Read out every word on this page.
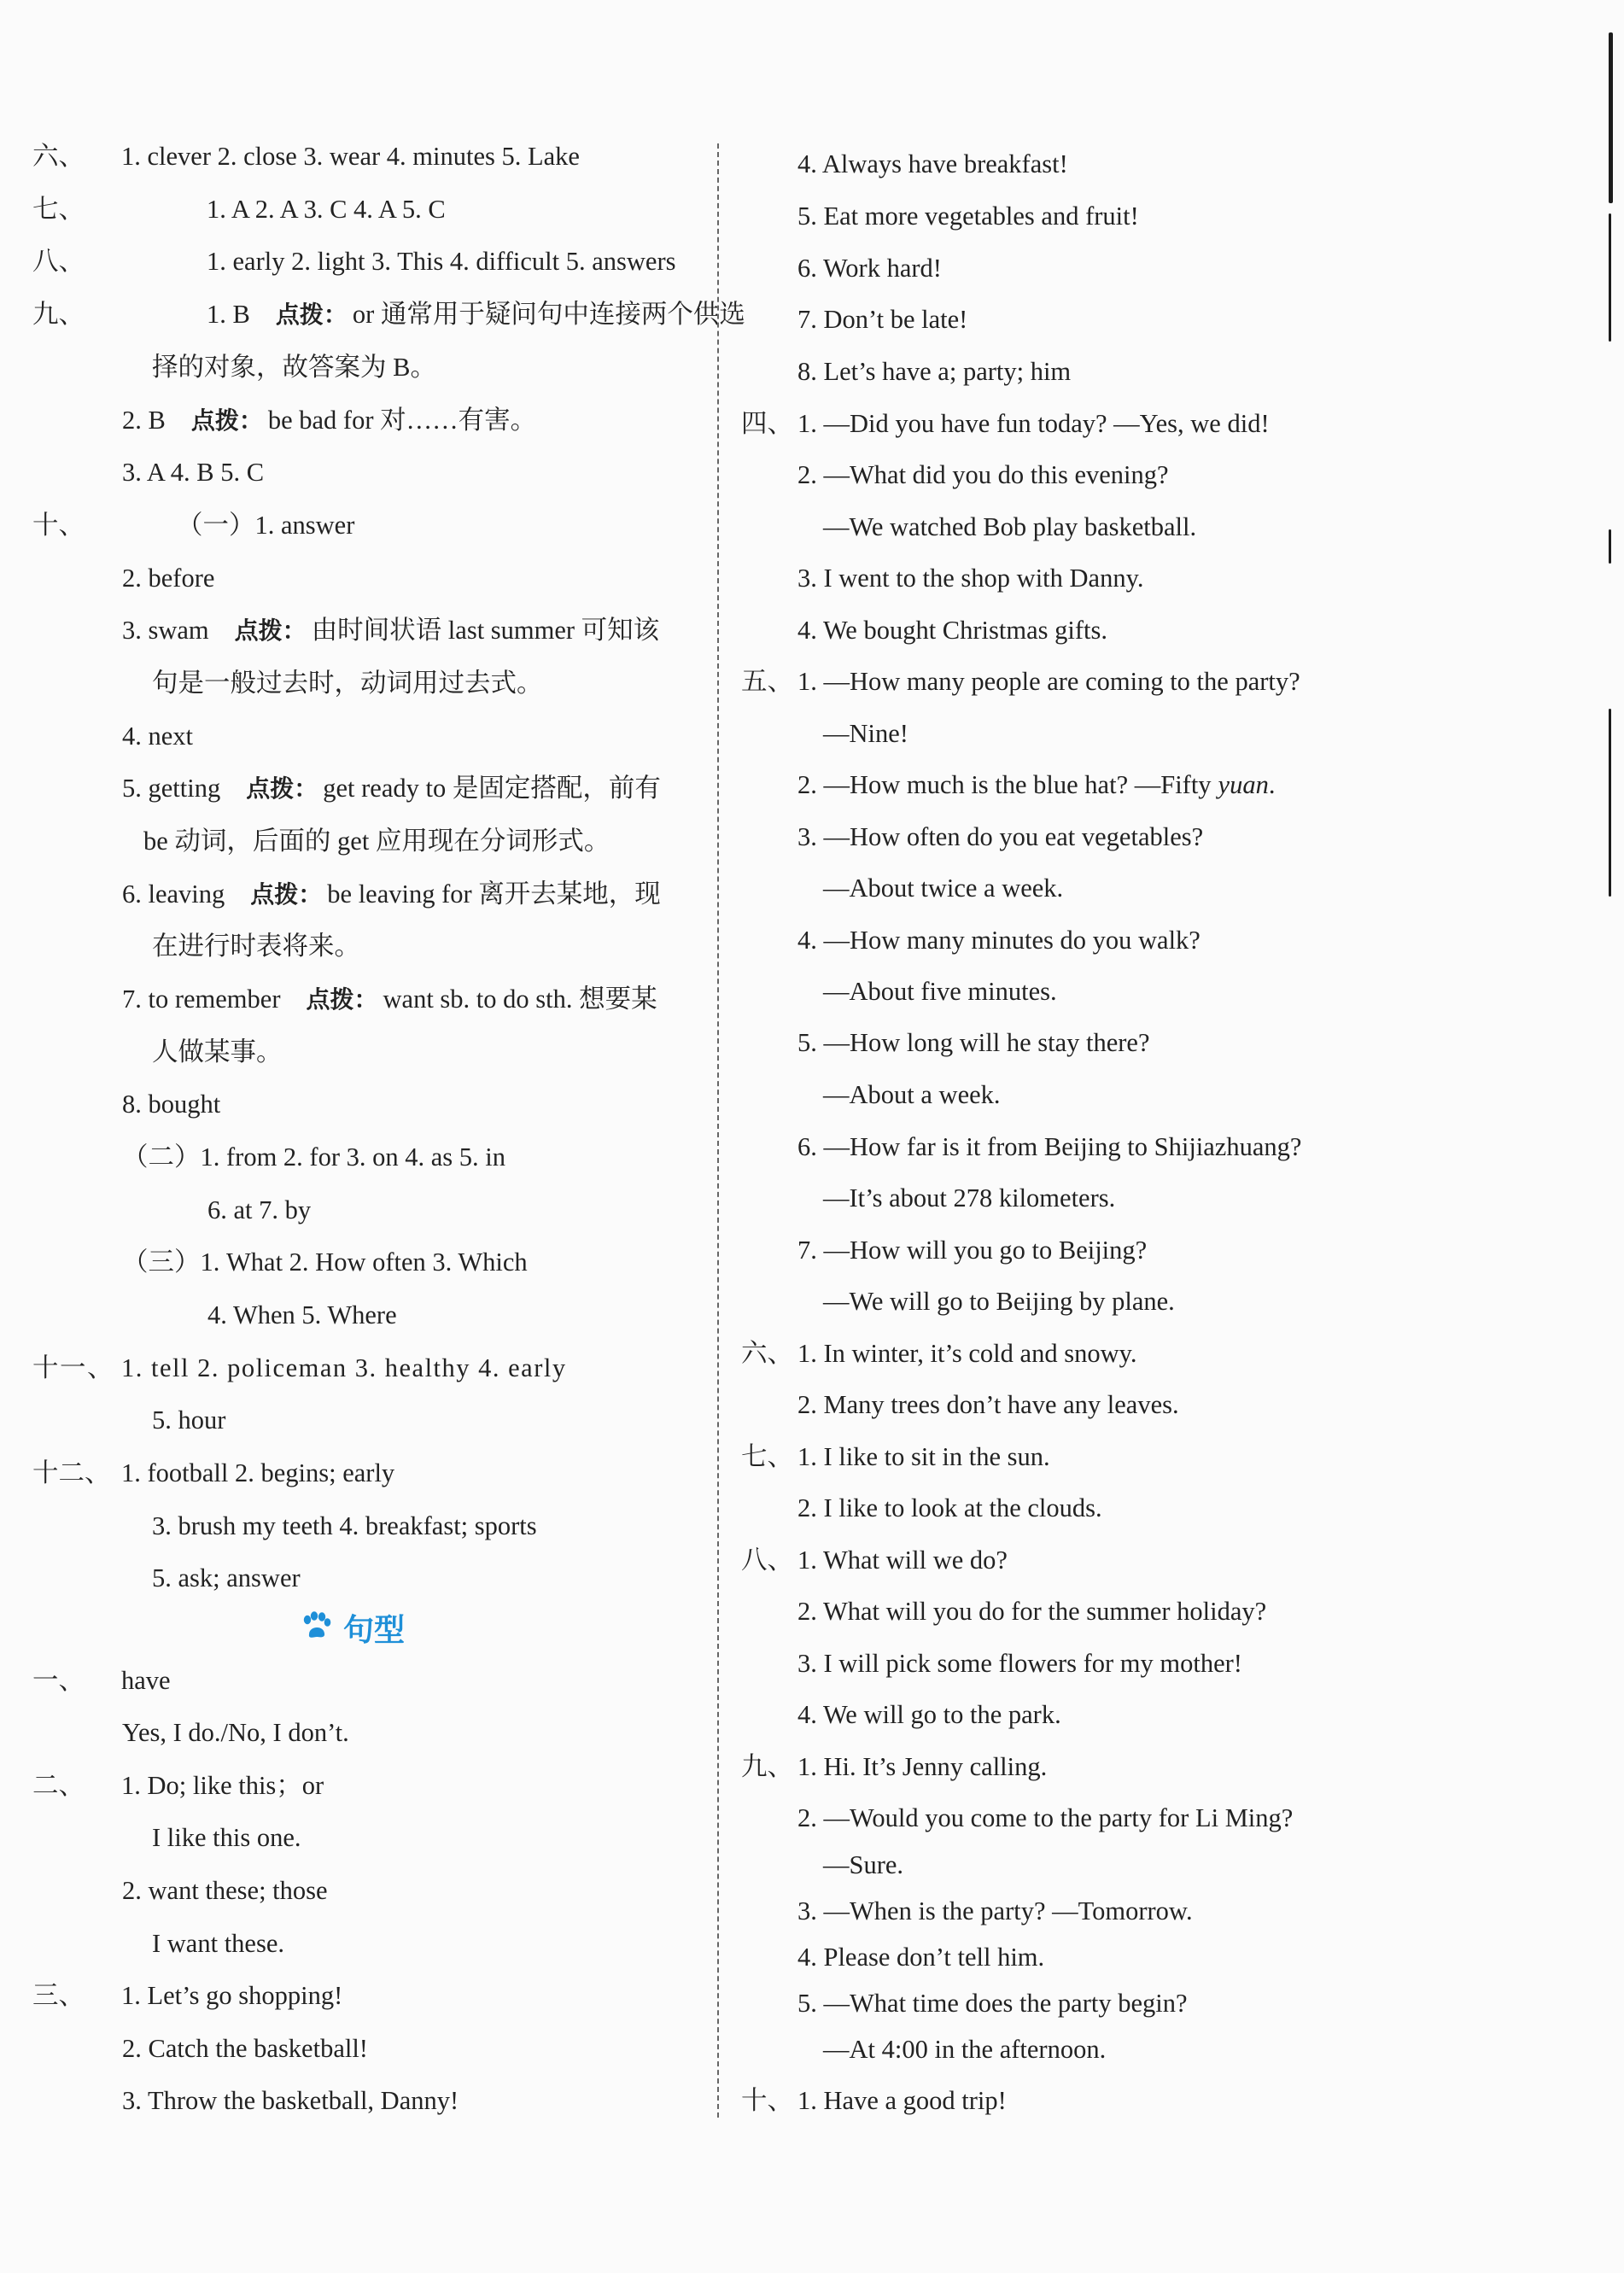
六、 1. clever 2. close 3. wear 4. minutes 5. Lake
七、	1. A 2. A 3. C 4. A 5. C
八、	1. early 2. light 3. This 4. difficult 5. answers
九、	1. B 点拨： or 通常用于疑问句中连接两个供选
择的对象，故答案为 B。
2. B 点拨： be bad for 对……有害。
3. A 4. B 5. C
十、	（一）1. answer
2. before
3. swam 点拨： 由时间状语 last summer 可知该
句是一般过去时，动词用过去式。
4. next
5. getting 点拨： get ready to 是固定搭配，前有
be 动词，后面的 get 应用现在分词形式。
6. leaving 点拨： be leaving for 离开去某地，现
在进行时表将来。
7. to remember 点拨： want sb. to do sth. 想要某
人做某事。
8. bought
（二）1. from 2. for 3. on 4. as 5. in
6. at 7. by
（三）1. What 2. How often 3. Which
4. When 5. Where
十一、 1. tell 2. policeman 3. healthy 4. early
5. hour
十二、 1. football 2. begins; early
3. brush my teeth 4. breakfast; sports
5. ask; answer
一、 have
Yes, I do./No, I don’t.
二、 1. Do; like this；or
I like this one.
2. want these; those
I want these.
三、 1. Let’s go shopping!
2. Catch the basketball!
3. Throw the basketball, Danny!
4. Always have breakfast!
5. Eat more vegetables and fruit!
6. Work hard!
7. Don’t be late!
8. Let’s have a; party; him
四、 1. —Did you have fun today? —Yes, we did!
2. —What did you do this evening?
—We watched Bob play basketball.
3. I went to the shop with Danny.
4. We bought Christmas gifts.
五、 1. —How many people are coming to the party?
—Nine!
2. —How much is the blue hat? —Fifty yuan.
3. —How often do you eat vegetables?
—About twice a week.
4. —How many minutes do you walk?
—About five minutes.
5. —How long will he stay there?
—About a week.
6. —How far is it from Beijing to Shijiazhuang?
—It’s about 278 kilometers.
7. —How will you go to Beijing?
—We will go to Beijing by plane.
六、 1. In winter, it’s cold and snowy.
2. Many trees don’t have any leaves.
七、 1. I like to sit in the sun.
2. I like to look at the clouds.
八、 1. What will we do?
2. What will you do for the summer holiday?
3. I will pick some flowers for my mother!
4. We will go to the park.
九、 1. Hi. It’s Jenny calling.
2. —Would you come to the party for Li Ming?
—Sure.
3. —When is the party? —Tomorrow.
4. Please don’t tell him.
5. —What time does the party begin?
—At 4:00 in the afternoon.
十、 1. Have a good trip!
句型
